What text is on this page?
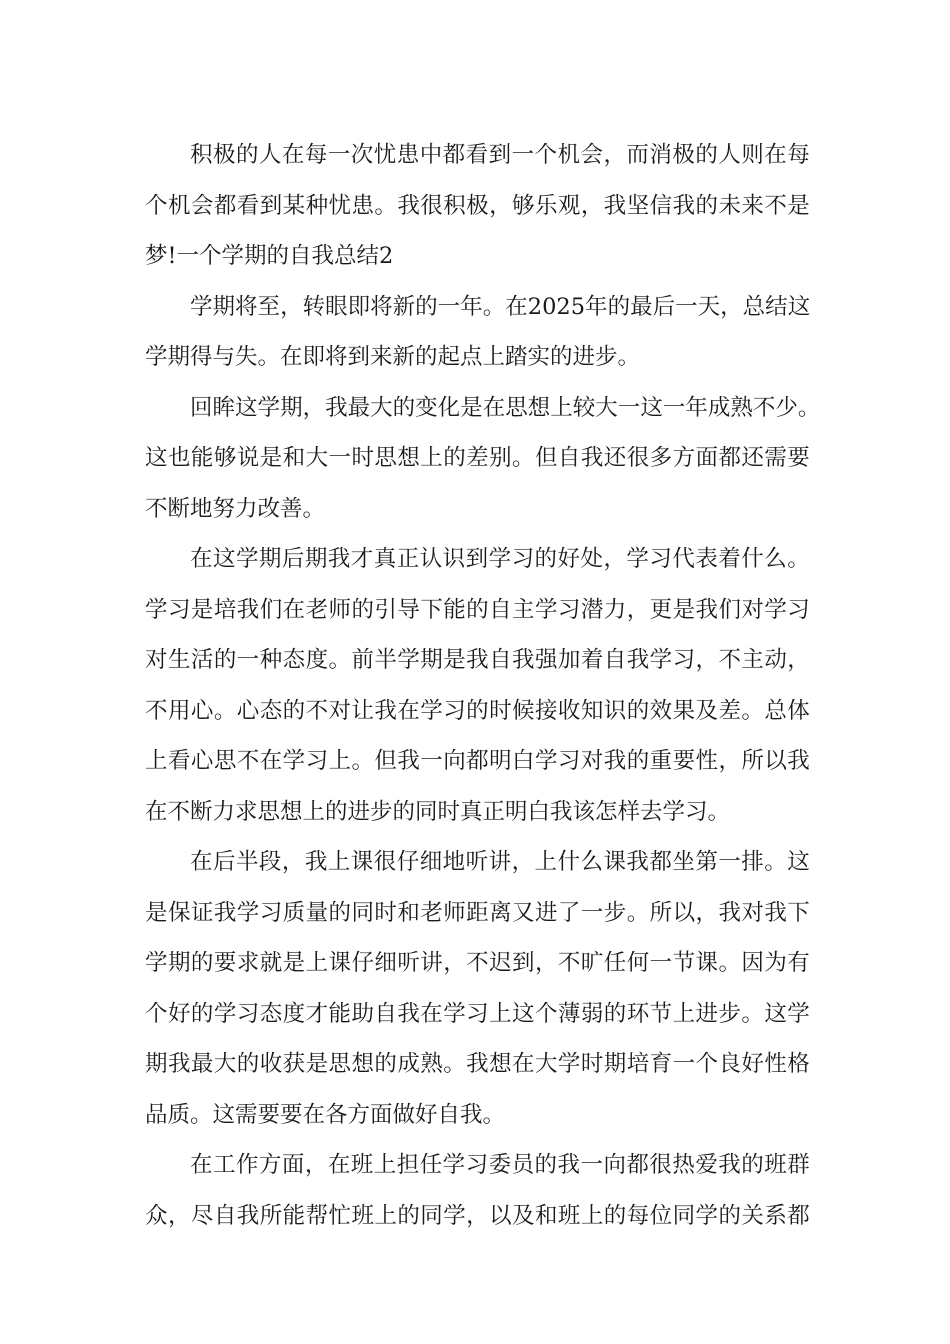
积 极 的 人 在 每 一 次 忧 患 中 都 看 到 一 个 机 会 ， 而 消 极 的 人 则 在 每
个 机 会 都 看 到 某 种 忧 患 。 我 很 积 极 ， 够 乐 观 ， 我 坚 信 我 的 未 来 不 是
梦!一个学期的自我总结2
学 期 将 至 ， 转 眼 即 将 新 的 一 年 。 在 2 0 2 5 年 的 最 后 一 天 ， 总 结 这
学期得与失。在即将到来新的起点上踏实的进步。
回 眸 这 学 期 ， 我 最 大 的 变 化 是 在 思 想 上 较 大 一 这 一 年 成 熟 不 少 。
这 也 能 够 说 是 和 大 一 时 思 想 上 的 差 别 。 但 自 我 还 很 多 方 面 都 还 需 要
不断地努力改善。
在 这 学 期 后 期 我 才 真 正 认 识 到 学 习 的 好 处 ， 学 习 代 表 着 什 么 。
学 习 是 培 我 们 在 老 师 的 引 导 下 能 的 自 主 学 习 潜 力 ， 更 是 我 们 对 学 习
对 生 活 的 一 种 态 度 。 前 半 学 期 是 我 自 我 强 加 着 自 我 学 习 ， 不 主 动 ，
不 用 心 。 心 态 的 不 对 让 我 在 学 习 的 时 候 接 收 知 识 的 效 果 及 差 。 总 体
上 看 心 思 不 在 学 习 上 。 但 我 一 向 都 明 白 学 习 对 我 的 重 要 性 ， 所 以 我
在不断力求思想上的进步的同时真正明白我该怎样去学习。
在 后 半 段 ， 我 上 课 很 仔 细 地 听 讲 ， 上 什 么 课 我 都 坐 第 一 排 。 这
是 保 证 我 学 习 质 量 的 同 时 和 老 师 距 离 又 进 了 一 步 。 所 以 ， 我 对 我 下
学 期 的 要 求 就 是 上 课 仔 细 听 讲 ， 不 迟 到 ， 不 旷 任 何 一 节 课 。 因 为 有
个 好 的 学 习 态 度 才 能 助 自 我 在 学 习 上 这 个 薄 弱 的 环 节 上 进 步 。 这 学
期 我 最 大 的 收 获 是 思 想 的 成 熟 。 我 想 在 大 学 时 期 培 育 一 个 良 好 性 格
品质。这需要要在各方面做好自我。
在 工 作 方 面 ， 在 班 上 担 任 学 习 委 员 的 我 一 向 都 很 热 爱 我 的 班 群
众 ， 尽 自 我 所 能 帮 忙 班 上 的 同 学 ， 以 及 和 班 上 的 每 位 同 学 的 关 系 都
